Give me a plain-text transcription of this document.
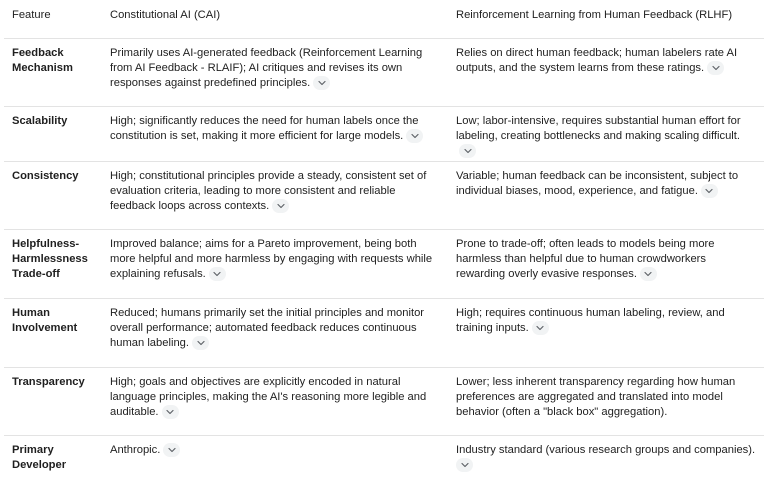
Feature	Constitutional AI (CAI)	Reinforcement Learning from Human Feedback (RLHF)
Feedback Mechanism	Primarily uses AI-generated feedback (Reinforcement Learning from AI Feedback - RLAIF); AI critiques and revises its own responses against predefined principles.	Relies on direct human feedback; human labelers rate AI outputs, and the system learns from these ratings.

Scalability	High; significantly reduces the need for human labels once the constitution is set, making it more efficient for large models.	Low; labor-intensive, requires substantial human effort for labeling, creating bottlenecks and making scaling difficult.

Consistency	High; constitutional principles provide a steady, consistent set of evaluation criteria, leading to more consistent and reliable feedback loops across contexts.	Variable; human feedback can be inconsistent, subject to individual biases, mood, experience, and fatigue.

Helpfulness-Harmlessness Trade-off	Improved balance; aims for a Pareto improvement, being both more helpful and more harmless by engaging with requests while explaining refusals.	Prone to trade-off; often leads to models being more harmless than helpful due to human crowdworkers rewarding overly evasive responses.

Human Involvement	Reduced; humans primarily set the initial principles and monitor overall performance; automated feedback reduces continuous human labeling.	High; requires continuous human labeling, review, and training inputs.

Transparency	High; goals and objectives are explicitly encoded in natural language principles, making the AI's reasoning more legible and auditable.	Lower; less inherent transparency regarding how human preferences are aggregated and translated into model behavior (often a "black box" aggregation).
Primary Developer	Anthropic.	Industry standard (various research groups and companies).
